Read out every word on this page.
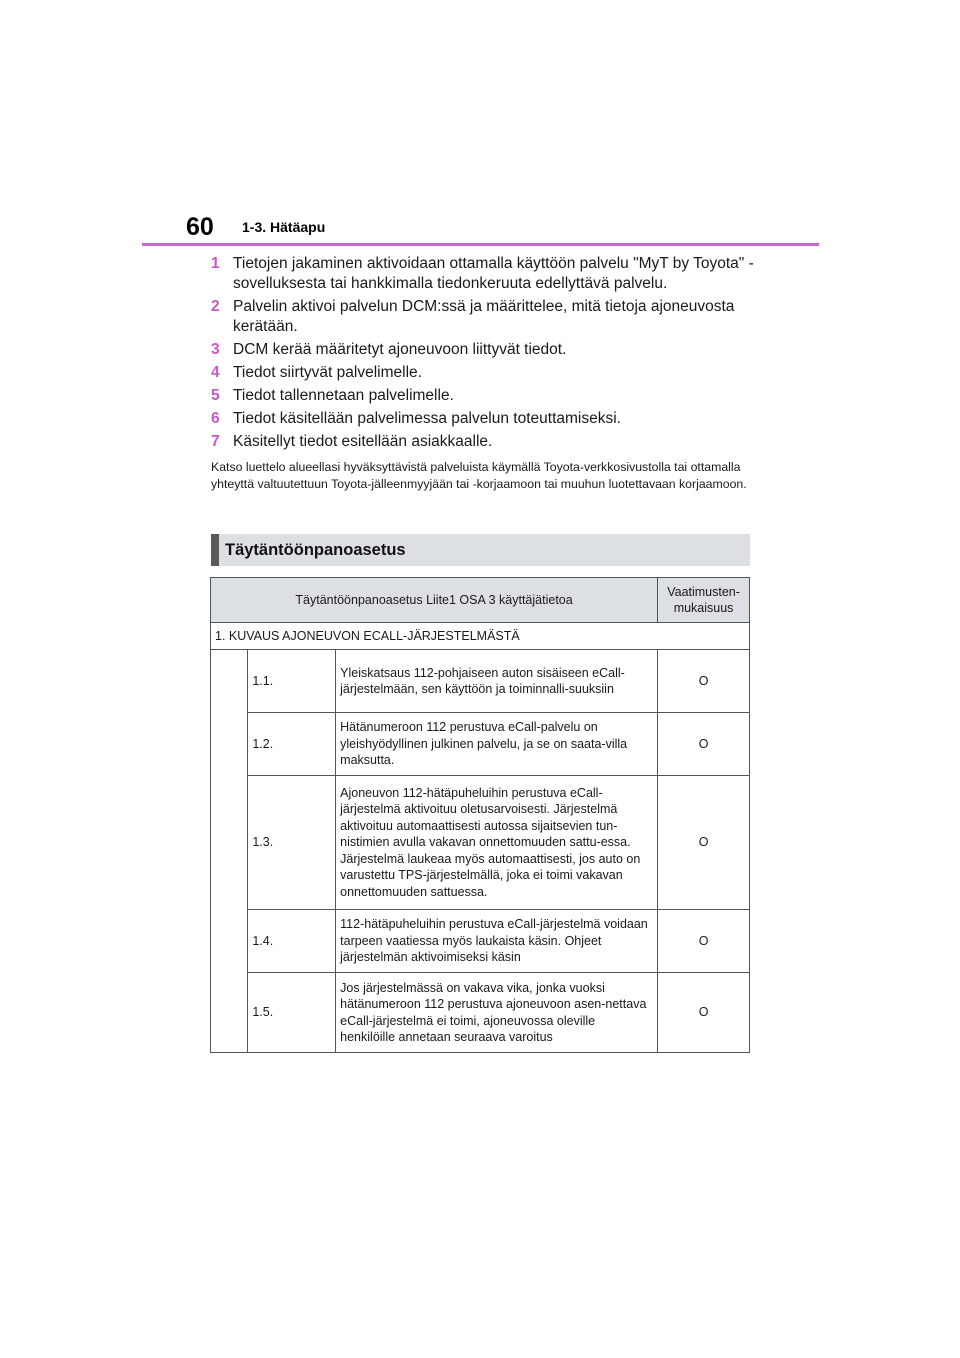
60 1-3. Hätäapu
1 Tietojen jakaminen aktivoidaan ottamalla käyttöön palvelu "MyT by Toyota" -sovelluksesta tai hankkimalla tiedonkeruuta edellyttävä palvelu.
2 Palvelin aktivoi palvelun DCM:ssä ja määrittelee, mitä tietoja ajoneuvosta kerätään.
3 DCM kerää määritetyt ajoneuvoon liittyvät tiedot.
4 Tiedot siirtyvät palvelimelle.
5 Tiedot tallennetaan palvelimelle.
6 Tiedot käsitellään palvelimessa palvelun toteuttamiseksi.
7 Käsitellyt tiedot esitellään asiakkaalle.
Katso luettelo alueellasi hyväksyttävistä palveluista käymällä Toyota-verkkosivustolla tai ottamalla yhteyttä valtuutettuun Toyota-jälleenmyyjään tai -korjaamoon tai muuhun luotettavaan korjaamoon.
Täytäntöönpanoasetus
Täytäntöönpanoasetus Liite1 OSA 3 käyttäjätietoa			Vaatimusten-mukaisuus
1. KUVAUS AJONEUVON ECALL-JÄRJESTELMÄSTÄ			
	1.1.	Yleiskatsaus 112-pohjaiseen auton sisäiseen eCall-järjestelmään, sen käyttöön ja toiminnalli-suuksiin	O
	1.2.	Hätänumeroon 112 perustuva eCall-palvelu on yleishyödyllinen julkinen palvelu, ja se on saata-villa maksutta.	O
	1.3.	Ajoneuvon 112-hätäpuheluihin perustuva eCall-järjestelmä aktivoituu oletusarvoisesti. Järjestelmä aktivoituu automaattisesti autossa sijaitsevien tun-nistimien avulla vakavan onnettomuuden sattu-essa. Järjestelmä laukeaa myös automaattisesti, jos auto on varustettu TPS-järjestelmällä, joka ei toimi vakavan onnettomuuden sattuessa.	O
	1.4.	112-hätäpuheluihin perustuva eCall-järjestelmä voidaan tarpeen vaatiessa myös laukaista käsin. Ohjeet järjestelmän aktivoimiseksi käsin	O
	1.5.	Jos järjestelmässä on vakava vika, jonka vuoksi hätänumeroon 112 perustuva ajoneuvoon asen-nettava eCall-järjestelmä ei toimi, ajoneuvossa oleville henkilöille annetaan seuraava varoitus	O
